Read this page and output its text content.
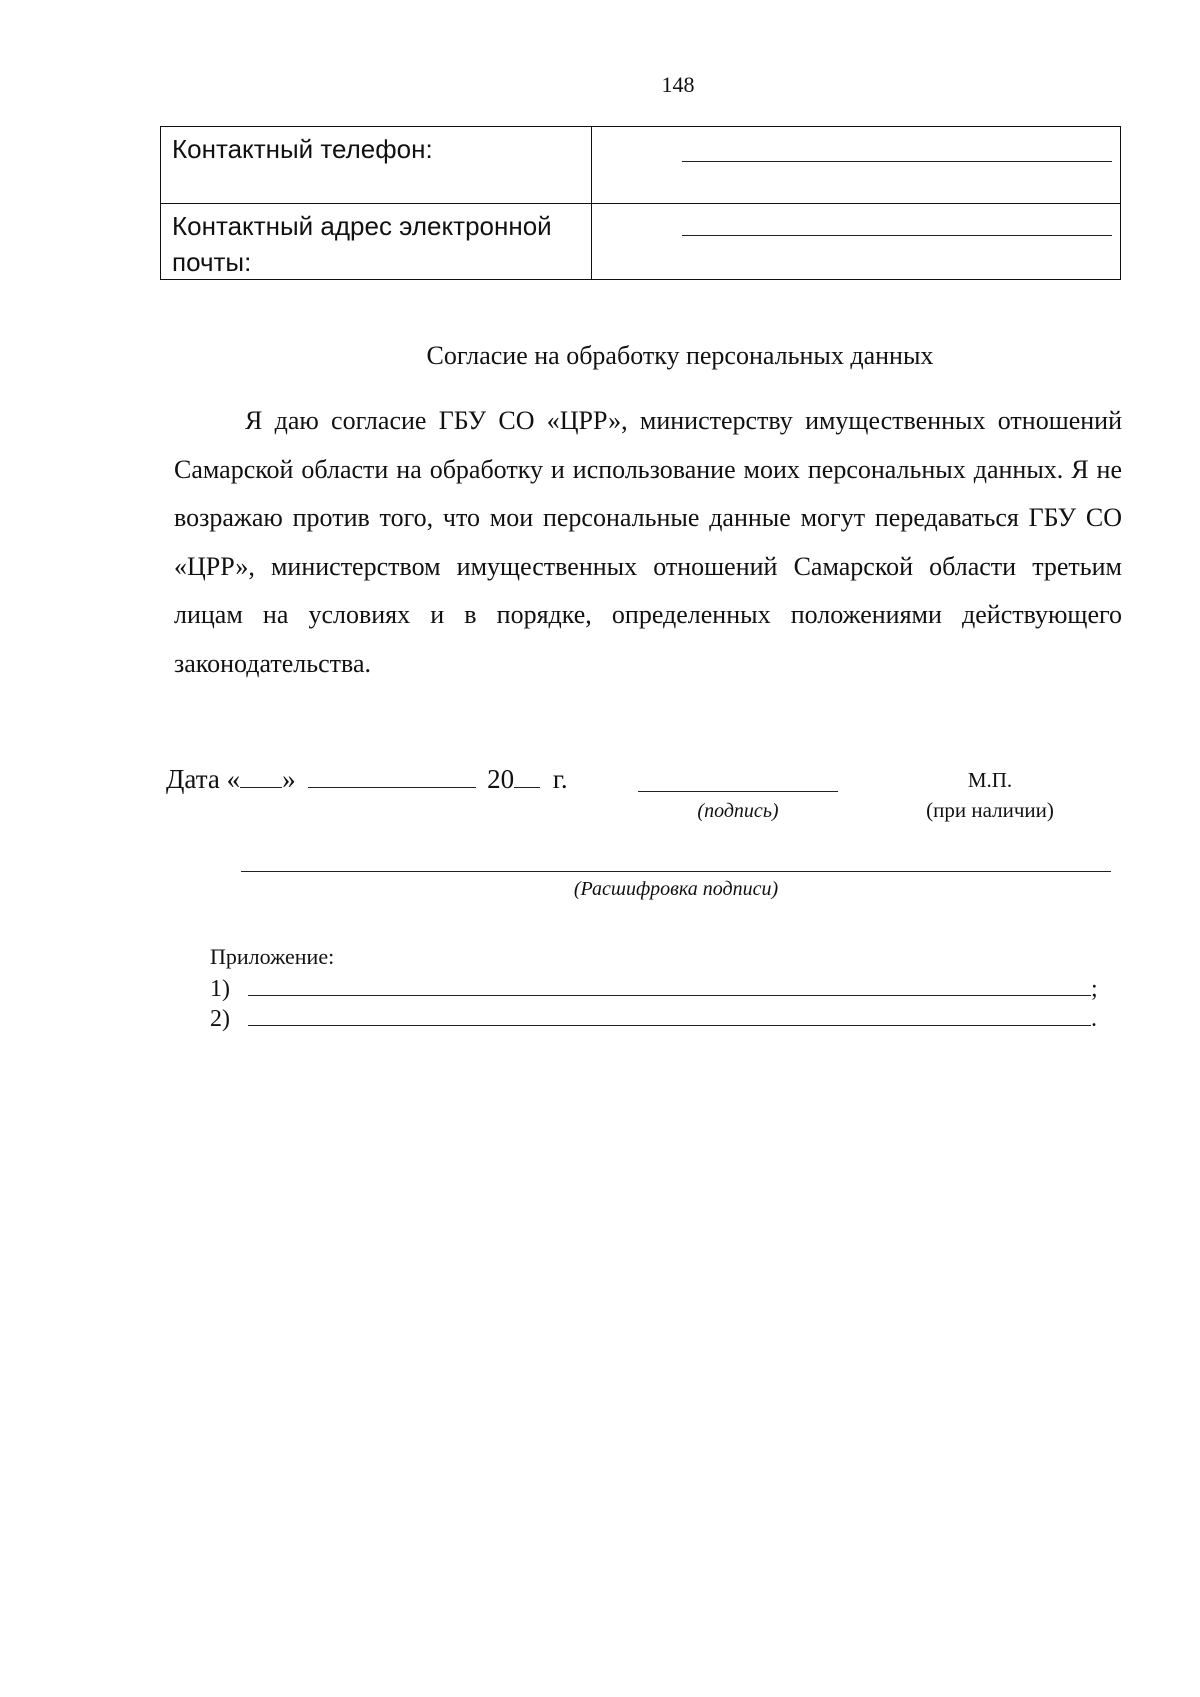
148
Контактный телефон:
Контактный адрес электронной почты:
Согласие на обработку персональных данных
Я даю согласие ГБУ СО «ЦРР», министерству имущественных отношений Самарской области на обработку и использование моих персональных данных. Я не возражаю против того, что мои персональные данные могут передаваться ГБУ СО «ЦРР», министерством имущественных отношений Самарской области третьим лицам на условиях и в порядке, определенных положениями действующего законодательства.
Дата « »	20 г.
(подпись)
М.П.
(при наличии)
(Расшифровка подписи)
Приложение:
1)	;
2)	.
